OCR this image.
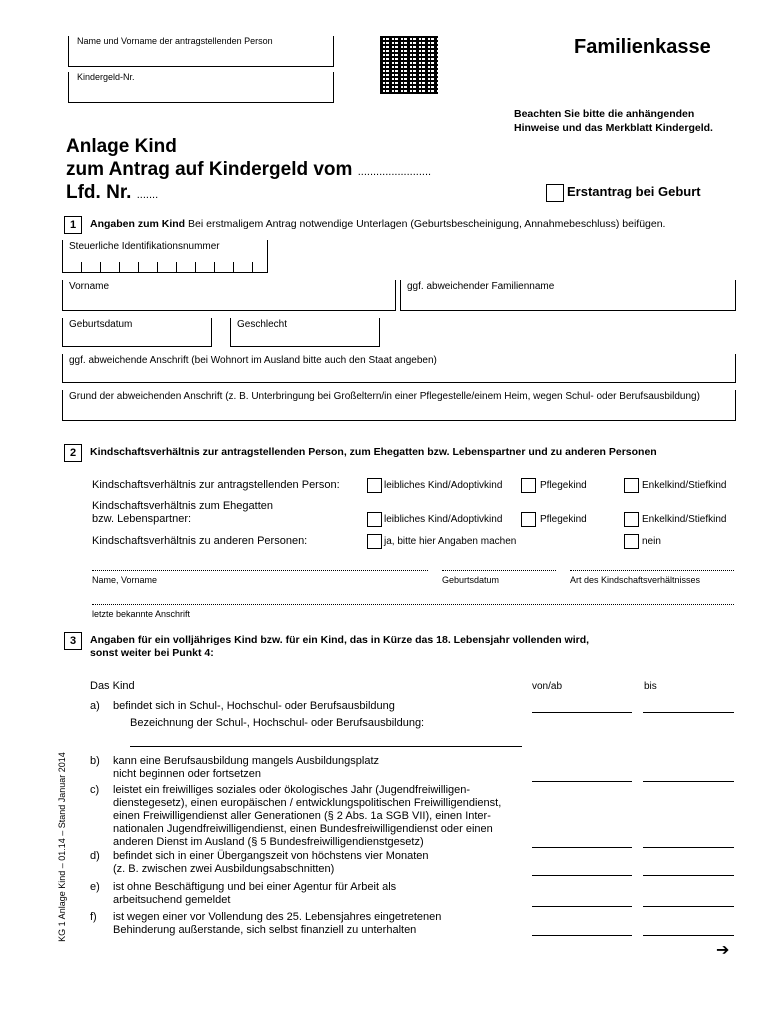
Name und Vorname der antragstellenden Person
Kindergeld-Nr.
Familienkasse
Beachten Sie bitte die anhängenden
Hinweise und das Merkblatt Kindergeld.
Anlage Kind
zum Antrag auf Kindergeld vom ........................
Lfd. Nr. .......	Erstantrag bei Geburt
1	Angaben zum Kind Bei erstmaligem Antrag notwendige Unterlagen (Geburtsbescheinigung, Annahmebeschluss) beifügen.
Steuerliche Identifikationsnummer
Vorname	ggf. abweichender Familienname
Geburtsdatum	Geschlecht
ggf. abweichende Anschrift (bei Wohnort im Ausland bitte auch den Staat angeben)
Grund der abweichenden Anschrift (z. B. Unterbringung bei Großeltern/in einer Pflegestelle/einem Heim, wegen Schul- oder Berufsausbildung)
2	Kindschaftsverhältnis zur antragstellenden Person, zum Ehegatten bzw. Lebenspartner und zu anderen Personen
Kindschaftsverhältnis zur antragstellenden Person:	leibliches Kind/Adoptivkind	Pflegekind	Enkelkind/Stiefkind
Kindschaftsverhältnis zum Ehegatten
bzw. Lebenspartner:	leibliches Kind/Adoptivkind	Pflegekind	Enkelkind/Stiefkind
Kindschaftsverhältnis zu anderen Personen:	ja, bitte hier Angaben machen	nein
Name, Vorname	Geburtsdatum	Art des Kindschaftsverhältnisses
letzte bekannte Anschrift
3	Angaben für ein volljähriges Kind bzw. für ein Kind, das in Kürze das 18. Lebensjahr vollenden wird,
sonst weiter bei Punkt 4:
Das Kind	von/ab	bis
a) befindet sich in Schul-, Hochschul- oder Berufsausbildung
Bezeichnung der Schul-, Hochschul- oder Berufsausbildung:
b) kann eine Berufsausbildung mangels Ausbildungsplatz
nicht beginnen oder fortsetzen
c) leistet ein freiwilliges soziales oder ökologisches Jahr (Jugendfreiwilligen-
dienstegesetz), einen europäischen / entwicklungspolitischen Freiwilligendienst,
einen Freiwilligendienst aller Generationen (§ 2 Abs. 1a SGB VII), einen Inter-
nationalen Jugendfreiwilligendienst, einen Bundesfreiwilligendienst oder einen
anderen Dienst im Ausland (§ 5 Bundesfreiwilligendienstgesetz)
d) befindet sich in einer Übergangszeit von höchstens vier Monaten
(z. B. zwischen zwei Ausbildungsabschnitten)
e) ist ohne Beschäftigung und bei einer Agentur für Arbeit als
arbeitsuchend gemeldet
f) ist wegen einer vor Vollendung des 25. Lebensjahres eingetretenen
Behinderung außerstande, sich selbst finanziell zu unterhalten
KG 1 Anlage Kind – 01.14 – Stand Januar 2014
➔
